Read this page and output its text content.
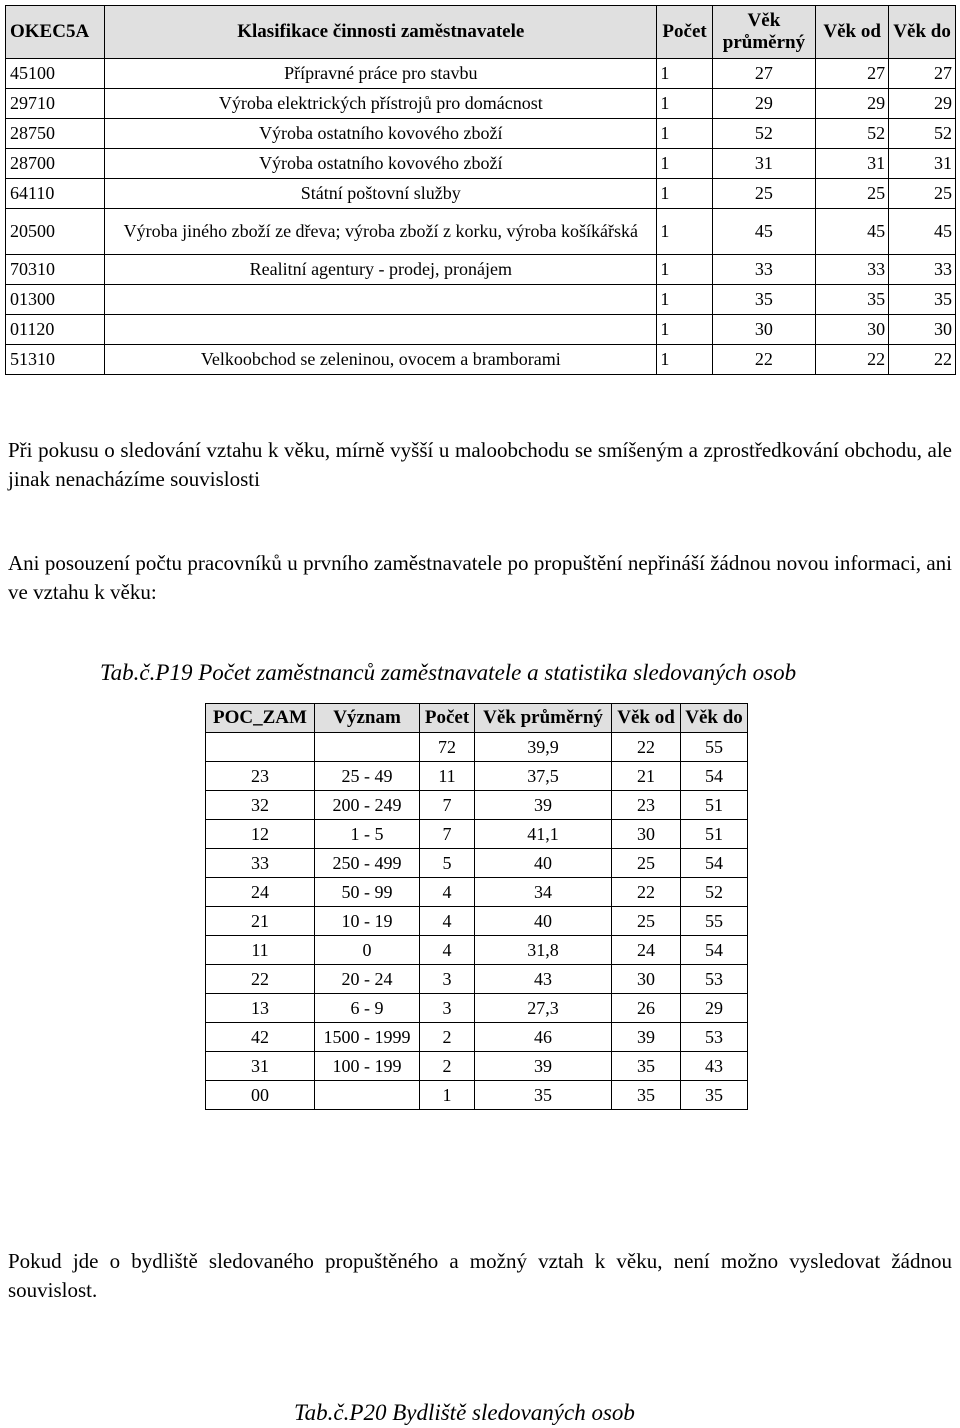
OKEC5A	Klasifikace činnosti zaměstnavatele	Počet	Věk průměrný	Věk od	Věk do
45100	Přípravné práce pro stavbu	1	27	27	27
29710	Výroba elektrických přístrojů pro domácnost	1	29	29	29
28750	Výroba ostatního kovového zboží	1	52	52	52
28700	Výroba ostatního kovového zboží	1	31	31	31
64110	Státní poštovní služby	1	25	25	25
20500	Výroba jiného zboží ze dřeva; výroba zboží z korku, výroba košíkářská	1	45	45	45
70310	Realitní agentury - prodej, pronájem	1	33	33	33
01300		1	35	35	35
01120		1	30	30	30
51310	Velkoobchod se zeleninou, ovocem a bramborami	1	22	22	22

Při pokusu o sledování vztahu k věku, mírně vyšší u maloobchodu se smíšeným a zprostředkování obchodu, ale jinak nenacházíme souvislosti

Ani posouzení počtu pracovníků u prvního zaměstnavatele po propuštění nepřináší žádnou novou informaci, ani ve vztahu k věku:

Tab.č.P19 Počet zaměstnanců zaměstnavatele a statistika sledovaných osob
POC_ZAM	Význam	Počet	Věk průměrný	Věk od	Věk do
		72	39,9	22	55
23	25 - 49	11	37,5	21	54
32	200 - 249	7	39	23	51
12	1 - 5	7	41,1	30	51
33	250 - 499	5	40	25	54
24	50 - 99	4	34	22	52
21	10 - 19	4	40	25	55
11	0	4	31,8	24	54
22	20 - 24	3	43	30	53
13	6 - 9	3	27,3	26	29
42	1500 - 1999	2	46	39	53
31	100 - 199	2	39	35	43
00		1	35	35	35

Pokud jde o bydliště sledovaného propuštěného a možný vztah k věku, není možno vysledovat žádnou souvislost.

Tab.č.P20 Bydliště sledovaných osob
